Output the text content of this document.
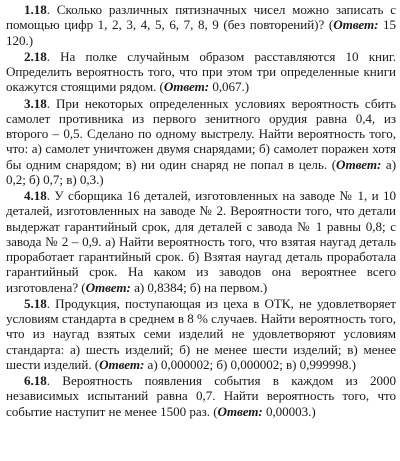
1.18. Сколько различных пятизначных чисел можно записать с помощью цифр 1, 2, 3, 4, 5, 6, 7, 8, 9 (без повторений)? (Ответ: 15 120.)

2.18. На полке случайным образом расставляются 10 книг. Определить вероятность того, что при этом три определенные книги окажутся стоящими рядом. (Ответ: 0,067.)

3.18. При некоторых определенных условиях вероятность сбить самолет противника из первого зенитного орудия равна 0,4, из второго – 0,5. Сделано по одному выстрелу. Найти вероятность того, что: а) самолет уничтожен двумя снарядами; б) самолет поражен хотя бы одним снарядом; в) ни один снаряд не попал в цель. (Ответ: а) 0,2; б) 0,7; в) 0,3.)

4.18. У сборщика 16 деталей, изготовленных на заводе № 1, и 10 деталей, изготовленных на заводе № 2. Вероятности того, что детали выдержат гарантийный срок, для деталей с завода № 1 равны 0,8; с завода № 2 – 0,9. а) Найти вероятность того, что взятая наугад деталь проработает гарантийный срок. б) Взятая наугад деталь проработала гарантийный срок. На каком из заводов она вероятнее всего изготовлена? (Ответ: а) 0,8384; б) на первом.)

5.18. Продукция, поступающая из цеха в ОТК, не удовлетворяет условиям стандарта в среднем в 8 % случаев. Найти вероятность того, что из наугад взятых семи изделий не удовлетворяют условиям стандарта: а) шесть изделий; б) не менее шести изделий; в) менее шести изделий. (Ответ: а) 0,000002; б) 0,000002; в) 0,999998.)

6.18. Вероятность появления события в каждом из 2000 независимых испытаний равна 0,7. Найти вероятность того, что событие наступит не менее 1500 раз. (Ответ: 0,00003.)
